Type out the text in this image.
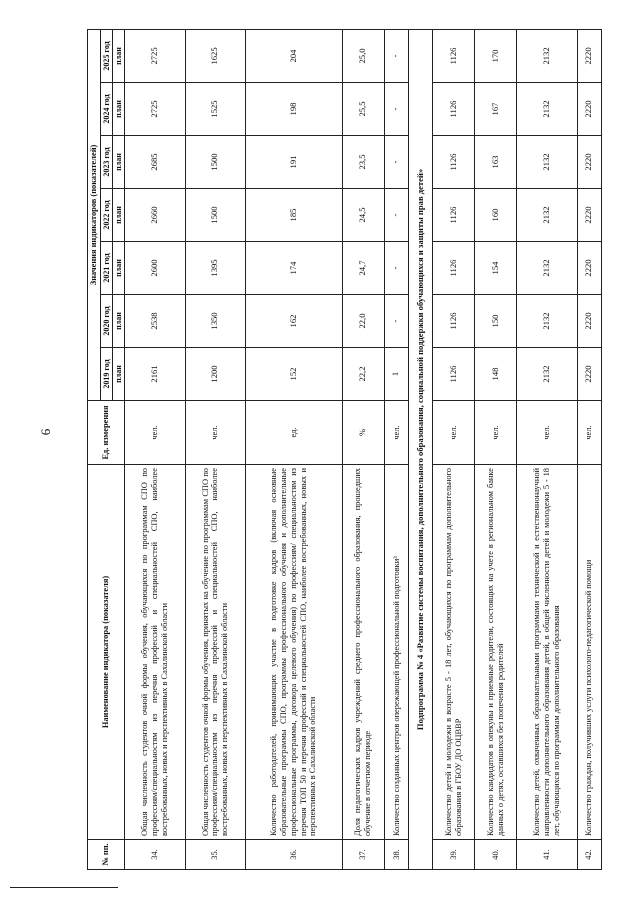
6
№ пп.	Наименование индикатора (показателя)	Ед. измерения	Значения индикаторов (показателей)						
			2019 год	2020 год	2021 год	2022 год	2023 год	2024 год	2025 год
			план	план	план	план	план	план	план
34.	Общая численность студентов очной формы обучения, обучающихся по программам СПО по профессиям/специальностям из перечня профессий и специальностей СПО, наиболее востребованных, новых и перспективных в Сахалинской области	чел.	2161	2538	2600	2660	2685	2725	2725
35.	Общая численность студентов очной формы обучения, принятых на обучение по программам СПО по профессиям/специальностям из перечня профессий и специальностей СПО, наиболее востребованных, новых и перспективных в Сахалинской области	чел.	1200	1350	1395	1500	1500	1525	1625
36.	Количество работодателей, принимающих участие в подготовке кадров (включая основные образовательные программы СПО, программы профессионального обучения и дополнительные профессиональные программы, договора целевого обучения) по профессиям/ специальностям из перечня ТОП 50 и перечня профессий и специальностей СПО, наиболее востребованных, новых и перспективных в Сахалинской области	ед.	152	162	174	185	191	198	204
37.	Доля педагогических кадров учреждений среднего профессионального образования, прошедших обучение в отчетном периоде	%	22,2	22,0	24,7	24,5	23,5	25,5	25,0
38.	Количество созданных центров опережающей профессиональной подготовки³	чел.	1	-	-	-	-	-	-
Подпрограмма № 4 «Развитие системы воспитания, дополнительного образования, социальной поддержки обучающихся и защиты прав детей»									
39.	Количество детей и молодежи в возрасте 5 - 18 лет, обучающихся по программам дополнительного образования в ГБОУ ДО ОЦВВР	чел.	1126	1126	1126	1126	1126	1126	1126
40.	Количество кандидатов в опекуны и приемные родители, состоящих на учете в региональном банке данных о детях, оставшихся без попечения родителей	чел.	148	150	154	160	163	167	170
41.	Количество детей, охваченных образовательными программами технической и естественнонаучной направленности дополнительного образования детей, в общей численности детей и молодежи 5 - 18 лет, обучающихся по программам дополнительного образования	чел.	2132	2132	2132	2132	2132	2132	2132
42.	Количество граждан, получивших услуги психолого-педагогической помощи	чел.	2220	2220	2220	2220	2220	2220	2220
